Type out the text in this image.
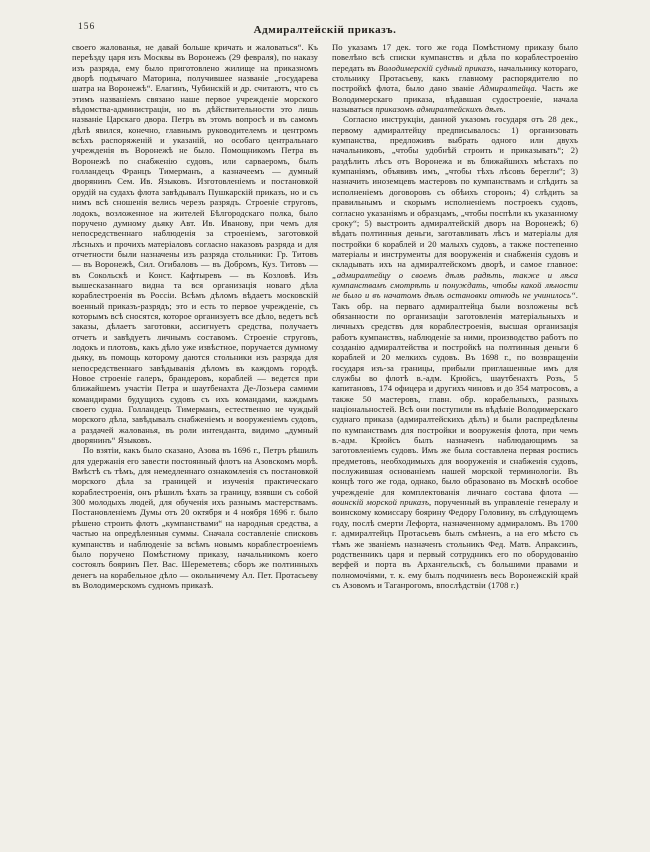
156	Адмиралтейскій приказъ.

своего жалованья, не давай больше кричать и жаловаться“. Къ переѣзду царя изъ Москвы въ Воронежъ (29 февраля), по наказу изъ разряда, ему было приготовлено жилище на приказномъ дворѣ подъячаго Маторина, получившее названіе „государева шатра на Воронежѣ“. Елагинъ, Чубинскій и др. считаютъ, что съ этимъ названіемъ связано наше первое учрежденіе морского вѣдомства-администраціи, но въ дѣйствительности это лишь названіе Царскаго двора. Петръ въ этомъ вопросѣ и въ самомъ дѣлѣ явился, конечно, главнымъ руководителемъ и центромъ всѣхъ распоряженій и указаній, но особаго центральнаго учрежденія въ Воронежѣ не было. Помощникомъ Петра въ Воронежѣ по снабженію судовъ, или сарваеромъ, былъ голландецъ Францъ Тимерманъ, а казначеемъ — думный дворянинъ Сем. Ив. Языковъ. Изготовленіемъ и постановкой орудій на судахъ флота завѣдывалъ Пушкарскій приказъ, но и съ нимъ всѣ сношенія велись черезъ разрядъ. Строеніе струговъ, лодокъ, возложенное на жителей Бѣлгородскаго полка, было поручено думному дьяку Авт. Ив. Иванову, при чемъ для непосредственнаго наблюденія за строеніемъ, заготовкой лѣсныхъ и прочихъ матеріаловъ согласно наказовъ разряда и для отчетности были назначены изъ разряда стольники: Гр. Титовъ — въ Воронежѣ, Сил. Огибаловъ — въ Добромъ, Куз. Титовъ — въ Сокольскѣ и Конст. Кафтыревъ — въ Козловѣ. Изъ вышесказаннаго видна та вся организація новаго дѣла кораблестроенія въ Россіи. Всѣмъ дѣломъ вѣдаетъ московскій военный приказъ-разрядъ; это и есть то первое учрежденіе, съ которымъ всѣ сносятся, которое организуетъ все дѣло, ведетъ всѣ заказы, дѣлаетъ заготовки, ассигнуетъ средства, получаетъ отчетъ и завѣдуетъ личнымъ составомъ. Строеніе струговъ, лодокъ и плотовъ, какъ дѣло уже извѣстное, поручается думному дьяку, въ помощь которому даются стольники изъ разряда для непосредственнаго завѣдыванія дѣломъ въ каждомъ городѣ. Новое строеніе галеръ, брандеровъ, кораблей — ведется при ближайшемъ участіи Петра и шаутбенахта Де-Лозьера самими командирами будущихъ судовъ съ ихъ командами, каждымъ своего судна. Голландецъ Тимерманъ, естественно не чуждый морского дѣла, завѣдывалъ снабженіемъ и вооруженіемъ судовъ, а раздачей жалованья, въ роли интенданта, видимо „думный дворянинъ“ Языковъ.

По взятіи, какъ было сказано, Азова въ 1696 г., Петръ рѣшилъ для удержанія его завести постоянный флотъ на Азовскомъ морѣ. Вмѣстѣ съ тѣмъ, для немедленнаго ознакомленія съ постановкой морского дѣла за границей и изученія практическаго кораблестроенія, онъ рѣшилъ ѣхать за границу, взявши съ собой 300 молодыхъ людей, для обученія ихъ разнымъ мастерствамъ. Постановленіемъ Думы отъ 20 октября и 4 ноября 1696 г. было рѣшено строить флотъ „кумпанствами“ на народныя средства, а частью на опредѣленныя суммы. Сначала составленіе списковъ кумпанствъ и наблюденіе за всѣмъ новымъ кораблестроеніемъ было поручено Помѣстному приказу, начальникомъ коего состоялъ бояринъ Пет. Вас. Шереметевъ; сборъ же полтинныхъ денегъ на корабельное дѣло — окольничему Ал. Пет. Протасьеву въ Володимерскомъ судномъ приказѣ.

По указамъ 17 дек. того же года Помѣстному приказу было повелѣно всѣ списки кумпанствъ и дѣла по кораблестроенію передать въ Володимерскій судный приказъ, начальнику котораго, стольнику Протасьеву, какъ главному распорядителю по постройкѣ флота, было дано званіе Адмиралтейца. Часть же Володимерскаго приказа, вѣдавшая судостроеніе, начала называться приказомъ адмиралтейскихъ дѣлъ.

Согласно инструкціи, данной указомъ государя отъ 28 дек., первому адмиралтейцу предписывалось: 1) организовать кумпанства, предложивъ выбрать одного или двухъ начальниковъ, „чтобы удобнѣй строить и приказывать“; 2) раздѣлить лѣсъ отъ Воронежа и въ ближайшихъ мѣстахъ по кумпаніямъ, объявивъ имъ, „чтобы тѣхъ лѣсовъ берегли“; 3) назначить иноземцевъ мастеровъ по кумпанствамъ и слѣдить за исполненіемъ договоровъ съ обѣихъ сторонъ; 4) слѣдить за правильнымъ и скорымъ исполненіемъ построекъ судовъ, согласно указаніямъ и образцамъ, „чтобы поспѣли къ указанному сроку“; 5) выстроить адмиралтейскій дворъ на Воронежѣ; 6) вѣдать полтинныя деньги, заготавливать лѣсъ и матеріалы для постройки 6 кораблей и 20 малыхъ судовъ, а также постепенно матеріалы и инструменты для вооруженія и снабженія судовъ и складывать ихъ на адмиралтейскомъ дворѣ, и самое главное: „адмиралтейцу о своемъ дѣлѣ радѣть, также и лѣса кумпанствамъ смотрѣть и понуждать, чтобы какой лѣности не было и въ начатомъ дѣлѣ остановки отнюдь не учинилось“. Такъ обр. на перваго адмиралтейца были возложены всѣ обязанности по организаціи заготовленія матеріальныхъ и личныхъ средствъ для кораблестроенія, высшая организація работъ кумпанствъ, наблюденіе за ними, производство работъ по созданію адмиралтейства и постройкѣ на полтинныя деньги 6 кораблей и 20 мелкихъ судовъ. Въ 1698 г., по возвращеніи государя изъ-за границы, прибыли приглашенные имъ для службы во флотѣ в.-адм. Крюйсъ, шаутбенахтъ Розъ, 5 капитановъ, 174 офицера и другихъ чиновъ и до 354 матросовъ, а также 50 мастеровъ, главн. обр. корабельныхъ, разныхъ національностей. Всѣ они поступили въ вѣдѣніе Володимерскаго суднаго приказа (адмиралтейскихъ дѣлъ) и были распредѣлены по кумпанствамъ для постройки и вооруженія флота, при чемъ в.-адм. Крюйсъ былъ назначенъ наблюдающимъ за заготовленіемъ судовъ. Имъ же была составлена первая роспись предметовъ, необходимыхъ для вооруженія и снабженія судовъ, послужившая основаніемъ нашей морской терминологіи. Въ концѣ того же года, однако, было образовано въ Москвѣ особое учрежденіе для комплектованія личнаго состава флота — воинскій морской приказъ, порученный въ управленіе генералу и воинскому комиссару боярину Федору Головину, въ слѣдующемъ году, послѣ смерти Лефорта, назначенному адмираломъ. Въ 1700 г. адмиралтейцъ Протасьевъ былъ смѣненъ, а на его мѣсто съ тѣмъ же званіемъ назначенъ стольникъ Фед. Матв. Апраксинъ, родственникъ царя и первый сотрудникъ его по оборудованію верфей и порта въ Архангельскѣ, съ большими правами и полномочіями, т. к. ему былъ подчиненъ весь Воронежскій край съ Азовомъ и Таганрогомъ, впослѣдствіи (1708 г.)
